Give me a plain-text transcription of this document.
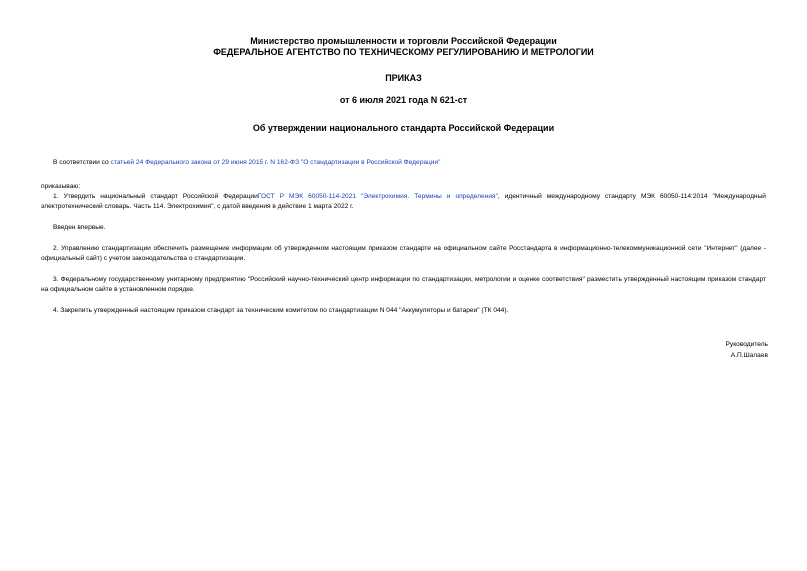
Министерство промышленности и торговли Российской Федерации
ФЕДЕРАЛЬНОЕ АГЕНТСТВО ПО ТЕХНИЧЕСКОМУ РЕГУЛИРОВАНИЮ И МЕТРОЛОГИИ
ПРИКАЗ
от 6 июля 2021 года N 621-ст
Об утверждении национального стандарта Российской Федерации

В соответствии со статьей 24 Федерального закона от 29 июня 2015 г. N 162-ФЗ "О стандартизации в Российской Федерации"

приказываю:

1. Утвердить национальный стандарт Российской ФедерацииГОСТ Р МЭК 60050-114-2021 "Электрохимия. Термины и определения", идентичный международному стандарту МЭК 60050-114:2014 "Международный электротехнический словарь. Часть 114. Электрохимия", с датой введения в действие 1 марта 2022 г.

Введен впервые.

2. Управлению стандартизации обеспечить размещение информации об утвержденном настоящим приказом стандарте на официальном сайте Росстандарта в информационно-телекоммуникационной сети "Интернет" (далее - официальный сайт) с учетом законодательства о стандартизации.

3. Федеральному государственному унитарному предприятию "Российский научно-технический центр информации по стандартизации, метрологии и оценке соответствия" разместить утвержденный настоящим приказом стандарт на официальном сайте в установленном порядке.

4. Закрепить утвержденный настоящим приказом стандарт за техническим комитетом по стандартизации N 044 "Аккумуляторы и батареи" (ТК 044).

Руководитель
А.П.Шалаев
